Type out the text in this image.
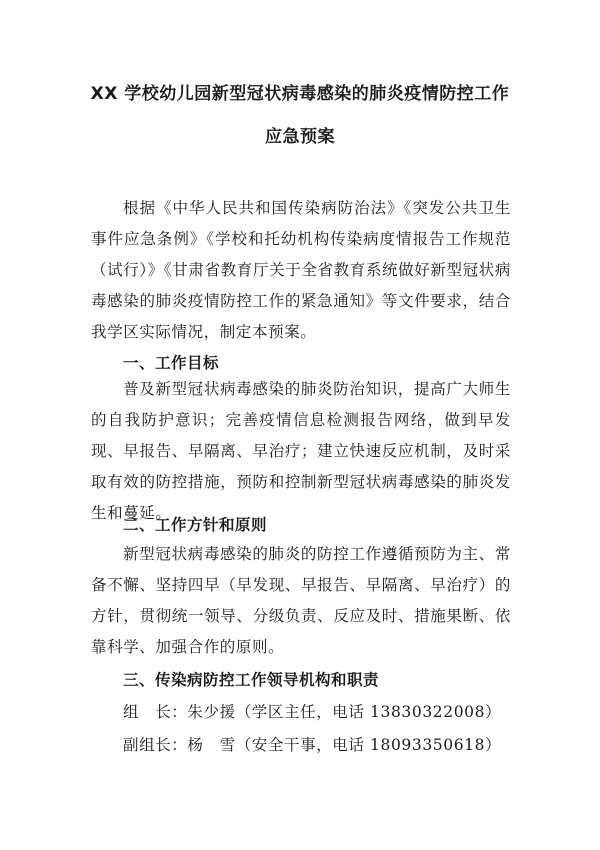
XX 学校幼儿园新型冠状病毒感染的肺炎疫情防控工作
应急预案

根据《中华人民共和国传染病防治法》《突发公共卫生事件应急条例》《学校和托幼机构传染病度情报告工作规范（试行）》《甘肃省教育厅关于全省教育系统做好新型冠状病毒感染的肺炎疫情防控工作的紧急通知》等文件要求，结合我学区实际情况，制定本预案。

一、工作目标

普及新型冠状病毒感染的肺炎防治知识，提高广大师生的自我防护意识；完善疫情信息检测报告网络，做到早发现、早报告、早隔离、早治疗；建立快速反应机制，及时采取有效的防控措施，预防和控制新型冠状病毒感染的肺炎发生和蔓延。

二、工作方针和原则

新型冠状病毒感染的肺炎的防控工作遵循预防为主、常备不懈、坚持四早（早发现、早报告、早隔离、早治疗）的方针，贯彻统一领导、分级负责、反应及时、措施果断、依靠科学、加强合作的原则。

三、传染病防控工作领导机构和职责
组　长：朱少援（学区主任，电话 13830322008）
副组长：杨　雪（安全干事，电话 18093350618）
